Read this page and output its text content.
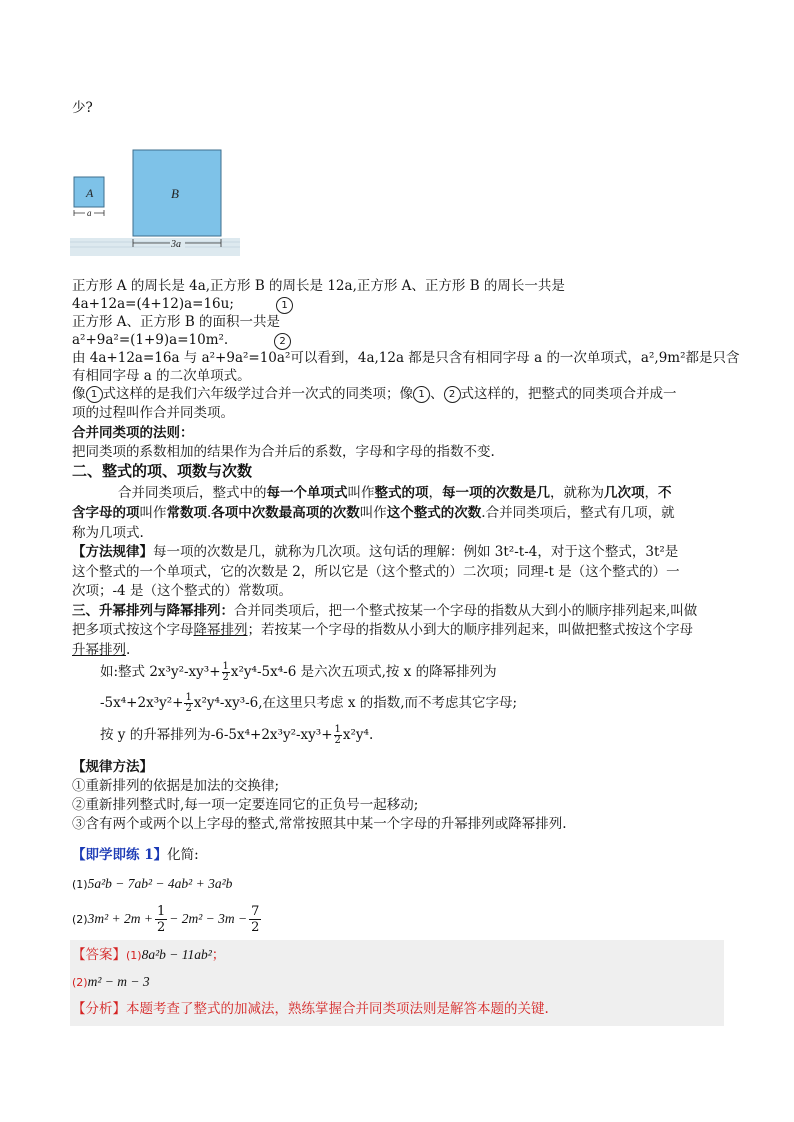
少?
A	B
a
3a
正方形 A 的周长是 4a,正方形 B 的周长是 12a,正方形 A、正方形 B 的周长一共是
4a+12a=(4+12)a=16u;	1
正方形 A、正方形 B 的面积一共是
a²+9a²=(1+9)a=10m².	2
由 4a+12a=16a 与 a²+9a²=10a²可以看到，4a,12a 都是只含有相同字母 a 的一次单项式，a²,9m²都是只含
有相同字母 a 的二次单项式。
像 1 式这样的是我们六年级学过合并一次式的同类项；像 1 、 2 式这样的，把整式的同类项合并成一
项的过程叫作合并同类项。
合并同类项的法则：
把同类项的系数相加的结果作为合并后的系数，字母和字母的指数不变.
二、整式的项、项数与次数
合并同类项后，整式中的每一个单项式叫作整式的项，每一项的次数是几，就称为几次项，不
含字母的项叫作常数项.各项中次数最高项的次数叫作这个整式的次数.合并同类项后，整式有几项，就
称为几项式.
【方法规律】每一项的次数是几，就称为几次项。这句话的理解：例如 3t²-t-4，对于这个整式，3t²是
这个整式的一个单项式，它的次数是 2，所以它是（这个整式的）二次项；同理-t 是（这个整式的）一
次项；-4 是（这个整式的）常数项。
三、升幂排列与降幂排列：合并同类项后，把一个整式按某一个字母的指数从大到小的顺序排列起来,叫做
把多项式按这个字母降幂排列；若按某一个字母的指数从小到大的顺序排列起来，叫做把整式按这个字母
升幂排列.
如:整式 $2x^3y^2-xy^3+ \frac{1}{2} x^2y^4-5x^4-6$ 是六次五项式,按 x 的降幂排列为
$-5x^4+2x^3y^2+ \frac{1}{2} x^2y^4-xy^3-6$,在这里只考虑 x 的指数,而不考虑其它字母;
按 y 的升幂排列为$-6-5x^4+2x^3y^2-xy^3+ \frac{1}{2} x^2y^4$.
【规律方法】
①重新排列的依据是加法的交换律;
②重新排列整式时,每一项一定要连同它的正负号一起移动;
③含有两个或两个以上字母的整式,常常按照其中某一个字母的升幂排列或降幂排列.
【即学即练 1】化简:
(1)5a²b − 7ab² − 4ab² + 3a²b
$(2)3m^2 + 2m + \frac{1}{2} - 2m^2 - 3m - \frac{7}{2}$
【答案】(1)8a²b − 11ab²；
(2)m² − m − 3
【分析】本题考查了整式的加减法，熟练掌握合并同类项法则是解答本题的关键.
